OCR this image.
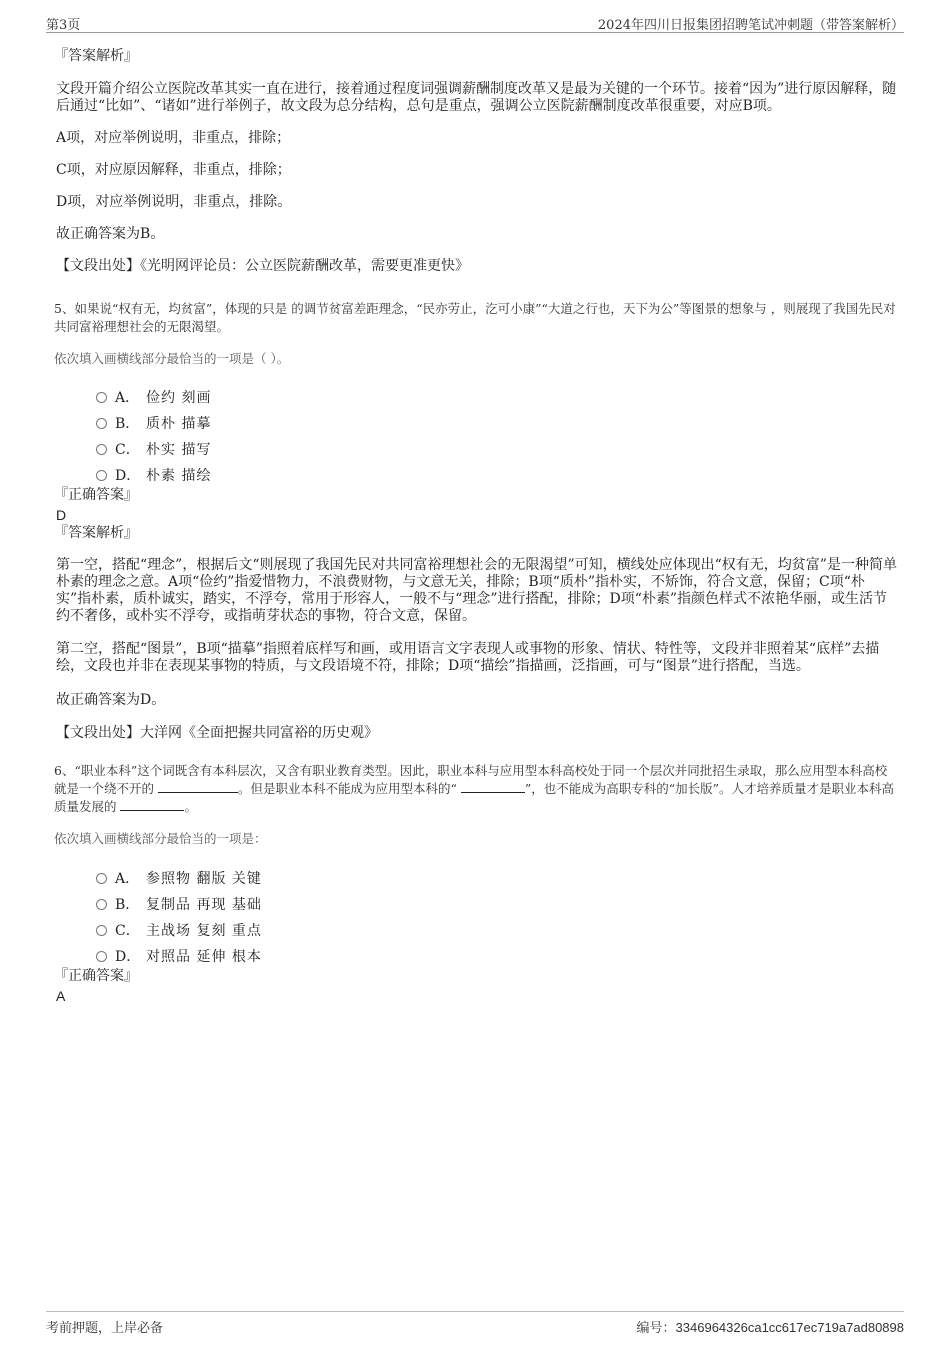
第3页	2024年四川日报集团招聘笔试冲刺题（带答案解析）
『答案解析』

文段开篇介绍公立医院改革其实一直在进行，接着通过程度词强调薪酬制度改革又是最为关键的一个环节。接着“因为”进行原因解释，随后通过“比如”、“诸如”进行举例子，故文段为总分结构，总句是重点，强调公立医院薪酬制度改革很重要，对应B项。

A项，对应举例说明，非重点，排除；

C项，对应原因解释，非重点，排除；

D项，对应举例说明，非重点，排除。

故正确答案为B。

【文段出处】《光明网评论员：公立医院薪酬改革，需要更准更快》

5、如果说“权有无，均贫富”，体现的只是 的调节贫富差距理念，“民亦劳止，汔可小康”“大道之行也，天下为公”等图景的想象与 ，则展现了我国先民对共同富裕理想社会的无限渴望。

依次填入画横线部分最恰当的一项是（ ）。

A． 俭约 刻画
B． 质朴 描摹
C． 朴实 描写
D． 朴素 描绘
『正确答案』
D
『答案解析』

第一空，搭配“理念”，根据后文“则展现了我国先民对共同富裕理想社会的无限渴望”可知，横线处应体现出“权有无，均贫富”是一种简单朴素的理念之意。A项“俭约”指爱惜物力，不浪费财物，与文意无关，排除；B项“质朴”指朴实，不矫饰，符合文意，保留；C项“朴实”指朴素，质朴诚实，踏实，不浮夸，常用于形容人，一般不与“理念”进行搭配，排除；D项“朴素”指颜色样式不浓艳华丽，或生活节约不奢侈，或朴实不浮夸，或指萌芽状态的事物，符合文意，保留。

第二空，搭配“图景”，B项“描摹”指照着底样写和画，或用语言文字表现人或事物的形象、情状、特性等，文段并非照着某“底样”去描绘，文段也并非在表现某事物的特质，与文段语境不符，排除；D项“描绘”指描画，泛指画，可与“图景”进行搭配，当选。

故正确答案为D。

【文段出处】大洋网《全面把握共同富裕的历史观》

6、“职业本科”这个词既含有本科层次，又含有职业教育类型。因此，职业本科与应用型本科高校处于同一个层次并同批招生录取，那么应用型本科高校就是一个绕不开的	。但是职业本科不能成为应用型本科的“	”，也不能成为高职专科的“加长版”。人才培养质量才是职业本科高质量发展的	。

依次填入画横线部分最恰当的一项是：

A． 参照物 翻版 关键
B． 复制品 再现 基础
C． 主战场 复刻 重点
D． 对照品 延伸 根本
『正确答案』
A
考前押题，上岸必备	编号：3346964326ca1cc617ec719a7ad80898
